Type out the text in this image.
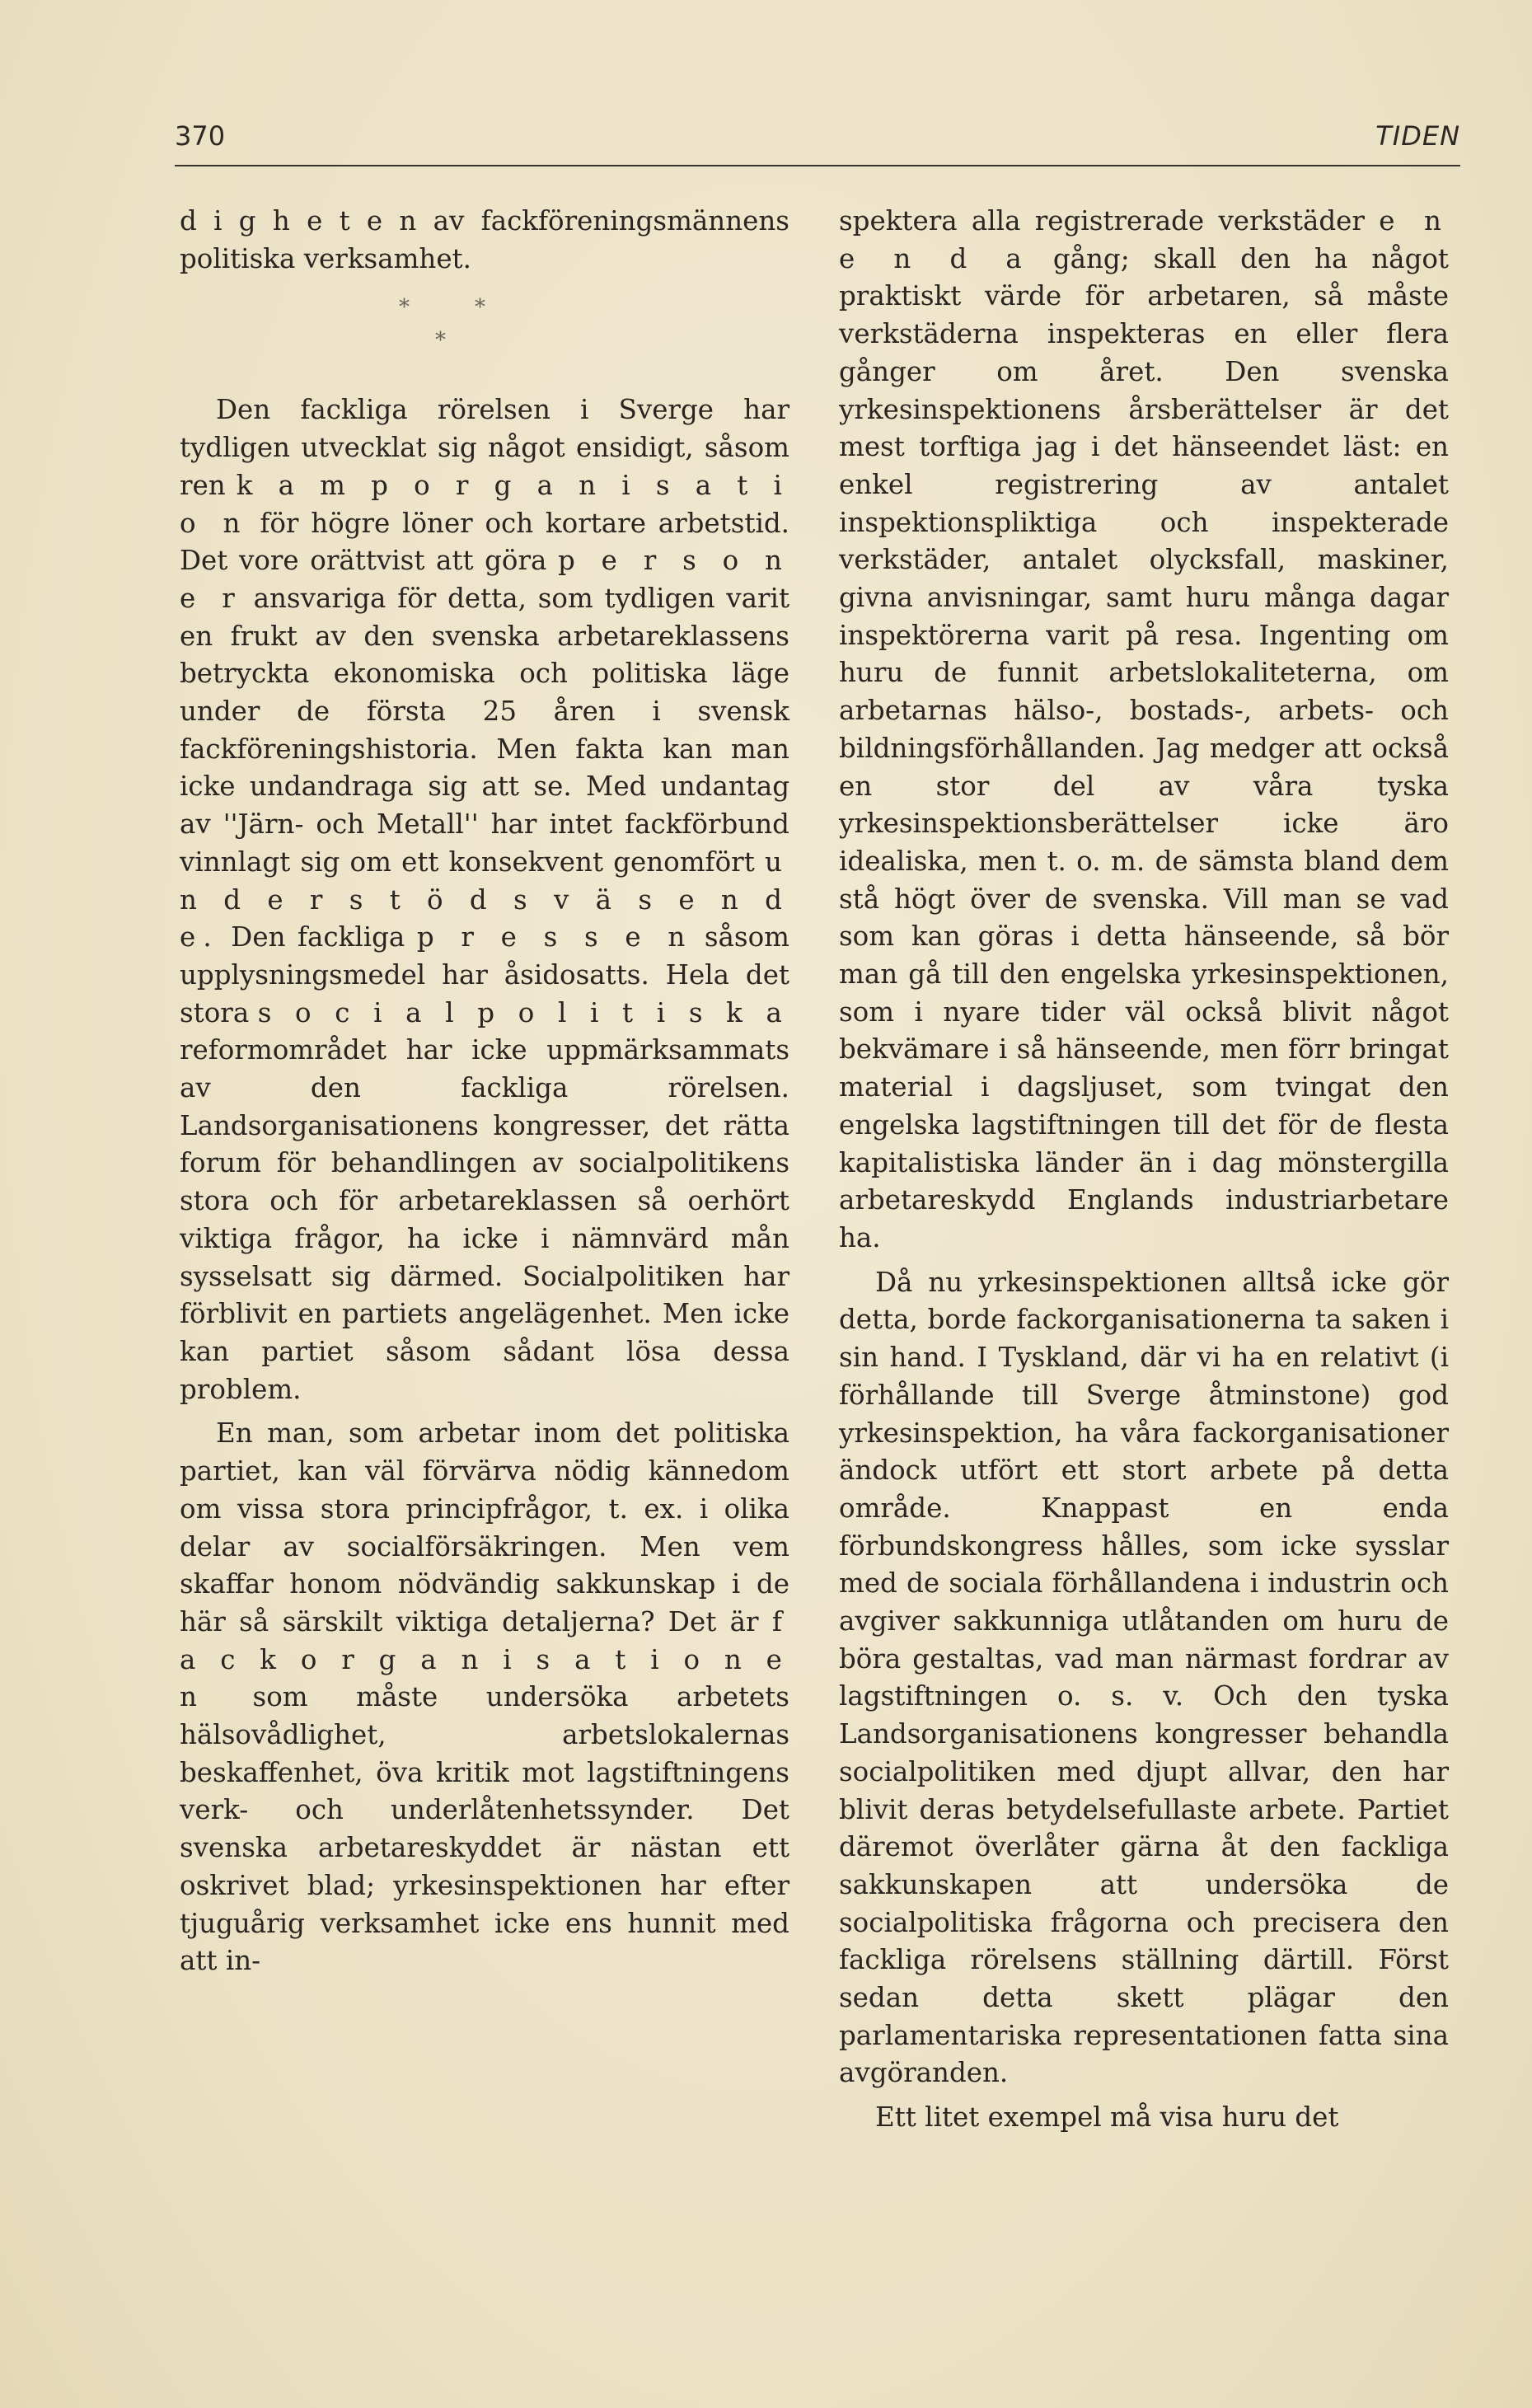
370	TIDEN

d i g h e t e n av fackföreningsmännens politiska verksamhet.

*	*
*

Den fackliga rörelsen i Sverge har tydligen utvecklat sig något ensidigt, såsom ren k a m p o r g a n i s a t i o n för högre löner och kortare arbetstid. Det vore orättvist att göra p e r s o n e r ansvariga för detta, som tydligen varit en frukt av den svenska arbetareklassens betryckta ekonomiska och politiska läge under de första 25 åren i svensk fackföreningshistoria. Men fakta kan man icke undandraga sig att se. Med undantag av ''Järn- och Metall'' har intet fackförbund vinnlagt sig om ett konsekvent genomfört u n d e r s t ö d s v ä s e n d e. Den fackliga p r e s s e n såsom upplysningsmedel har åsidosatts. Hela det stora s o c i a l p o l i t i s k a reformområdet har icke uppmärksammats av den fackliga rörelsen. Landsorganisationens kongresser, det rätta forum för behandlingen av socialpolitikens stora och för arbetareklassen så oerhört viktiga frågor, ha icke i nämnvärd mån sysselsatt sig därmed. Socialpolitiken har förblivit en partiets angelägenhet. Men icke kan partiet såsom sådant lösa dessa problem.

En man, som arbetar inom det politiska partiet, kan väl förvärva nödig kännedom om vissa stora principfrågor, t. ex. i olika delar av socialförsäkringen. Men vem skaffar honom nödvändig sakkunskap i de här så särskilt viktiga detaljerna? Det är f a c k o r g a n i s a t i o n e n som måste undersöka arbetets hälsovådlighet, arbetslokalernas beskaffenhet, öva kritik mot lagstiftningens verk- och underlåtenhetssynder. Det svenska arbetareskyddet är nästan ett oskrivet blad; yrkesinspektionen har efter tjuguårig verksamhet icke ens hunnit med att in-

spektera alla registrerade verkstäder e n e n d a gång; skall den ha något praktiskt värde för arbetaren, så måste verkstäderna inspekteras en eller flera gånger om året. Den svenska yrkesinspektionens årsberättelser är det mest torftiga jag i det hänseendet läst: en enkel registrering av antalet inspektionspliktiga och inspekterade verkstäder, antalet olycksfall, maskiner, givna anvisningar, samt huru många dagar inspektörerna varit på resa. Ingenting om huru de funnit arbetslokaliteterna, om arbetarnas hälso-, bostads-, arbets- och bildningsförhållanden. Jag medger att också en stor del av våra tyska yrkesinspektionsberättelser icke äro idealiska, men t. o. m. de sämsta bland dem stå högt över de svenska. Vill man se vad som kan göras i detta hänseende, så bör man gå till den engelska yrkesinspektionen, som i nyare tider väl också blivit något bekvämare i så hänseende, men förr bringat material i dagsljuset, som tvingat den engelska lagstiftningen till det för de flesta kapitalistiska länder än i dag mönstergilla arbetareskydd Englands industriarbetare ha.

Då nu yrkesinspektionen alltså icke gör detta, borde fackorganisationerna ta saken i sin hand. I Tyskland, där vi ha en relativt (i förhållande till Sverge åtminstone) god yrkesinspektion, ha våra fackorganisationer ändock utfört ett stort arbete på detta område. Knappast en enda förbundskongress hålles, som icke sysslar med de sociala förhållandena i industrin och avgiver sakkunniga utlåtanden om huru de böra gestaltas, vad man närmast fordrar av lagstiftningen o. s. v. Och den tyska Landsorganisationens kongresser behandla socialpolitiken med djupt allvar, den har blivit deras betydelsefullaste arbete. Partiet däremot överlåter gärna åt den fackliga sakkunskapen att undersöka de socialpolitiska frågorna och precisera den fackliga rörelsens ställning därtill. Först sedan detta skett plägar den parlamentariska representationen fatta sina avgöranden.

Ett litet exempel må visa huru det
